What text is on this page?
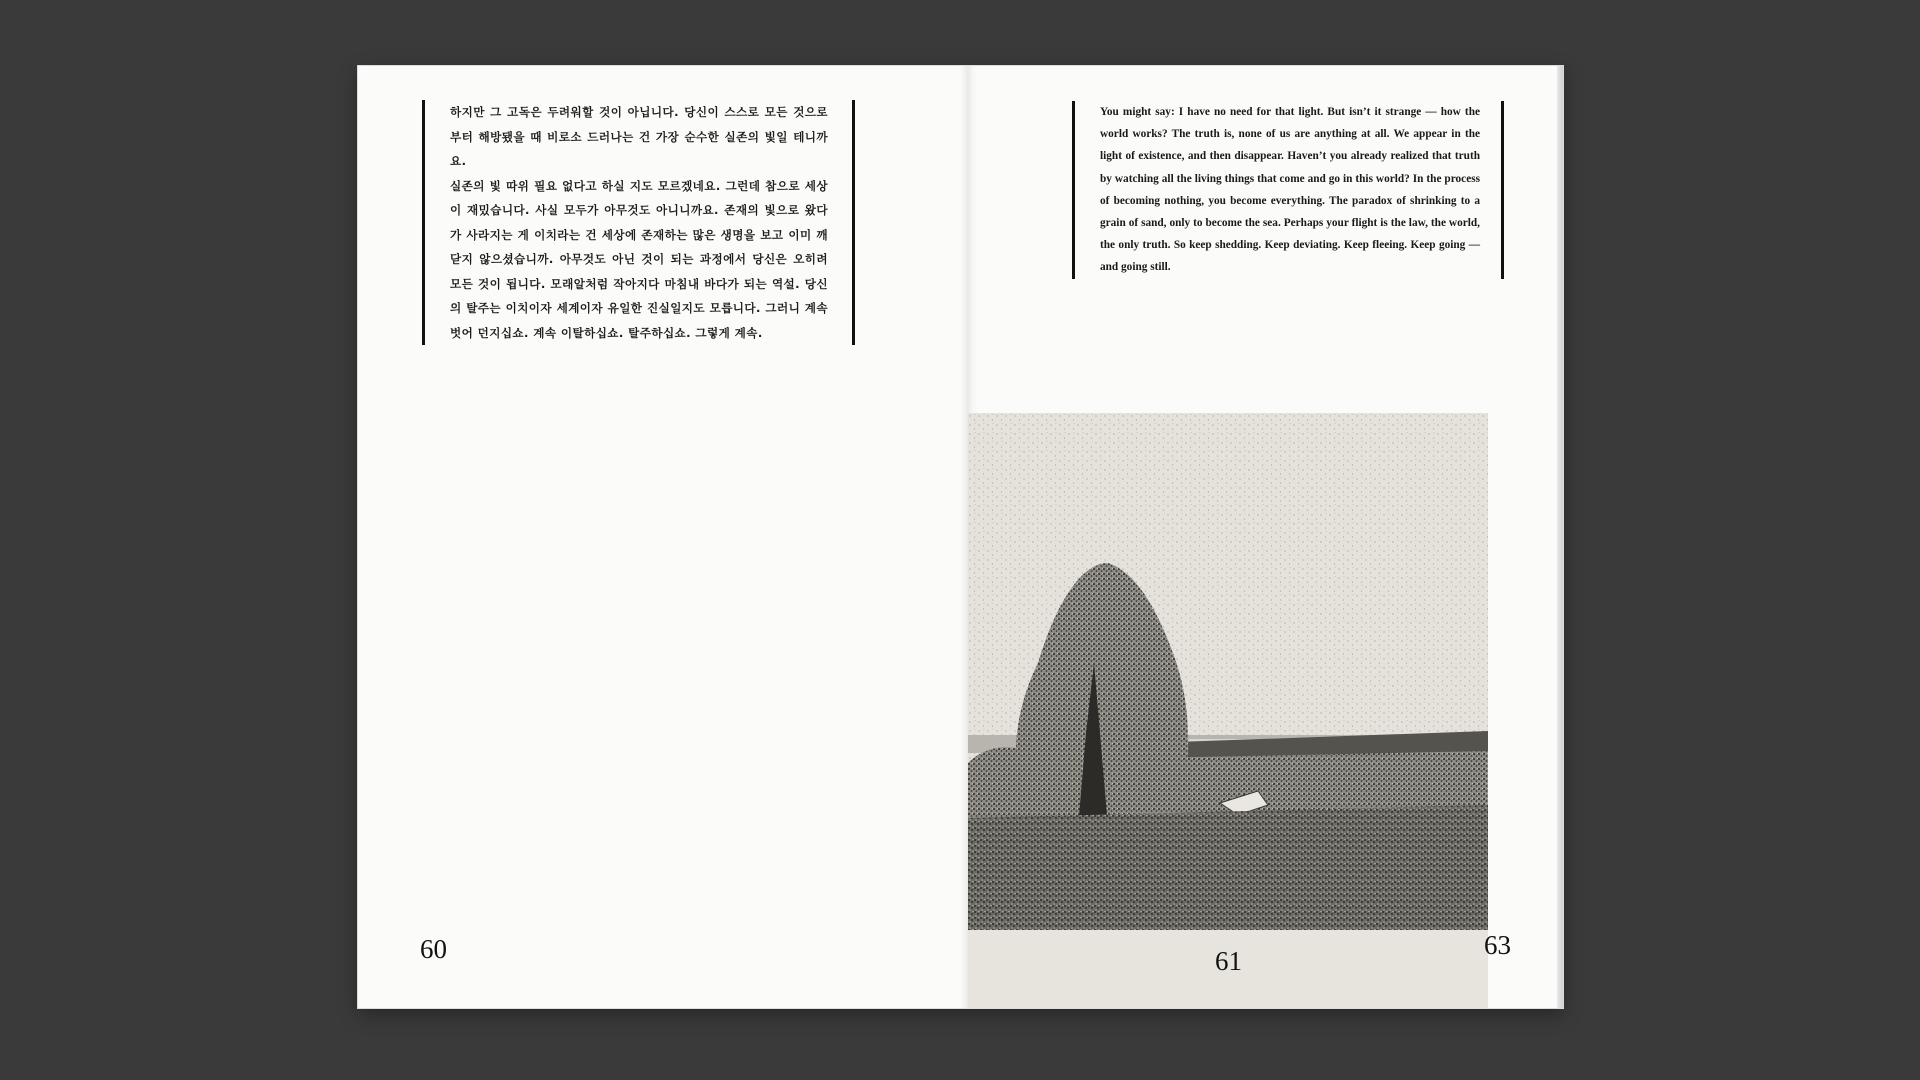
하지만 그 고독은 두려워할 것이 아닙니다. 당신이 스스로 모든 것으로부터 해방됐을 때 비로소 드러나는 건 가장 순수한 실존의 빛일 테니까요.

실존의 빛 따위 필요 없다고 하실 지도 모르겠네요. 그런데 참으로 세상이 재밌습니다. 사실 모두가 아무것도 아니니까요. 존재의 빛으로 왔다가 사라지는 게 이치라는 건 세상에 존재하는 많은 생명을 보고 이미 깨닫지 않으셨습니까. 아무것도 아닌 것이 되는 과정에서 당신은 오히려 모든 것이 됩니다. 모래알처럼 작아지다 마침내 바다가 되는 역설. 당신의 탈주는 이치이자 세계이자 유일한 진실일지도 모릅니다. 그러니 계속 벗어 던지십쇼. 계속 이탈하십쇼. 탈주하십쇼. 그렇게 계속.

60

You might say: I have no need for that light. But isn’t it strange — how the world works? The truth is, none of us are anything at all. We appear in the light of existence, and then disappear. Haven’t you already realized that truth by watching all the living things that come and go in this world? In the process of becoming nothing, you become everything. The paradox of shrinking to a grain of sand, only to become the sea. Perhaps your flight is the law, the world, the only truth. So keep shedding. Keep deviating. Keep fleeing. Keep going — and going still.

61
63
